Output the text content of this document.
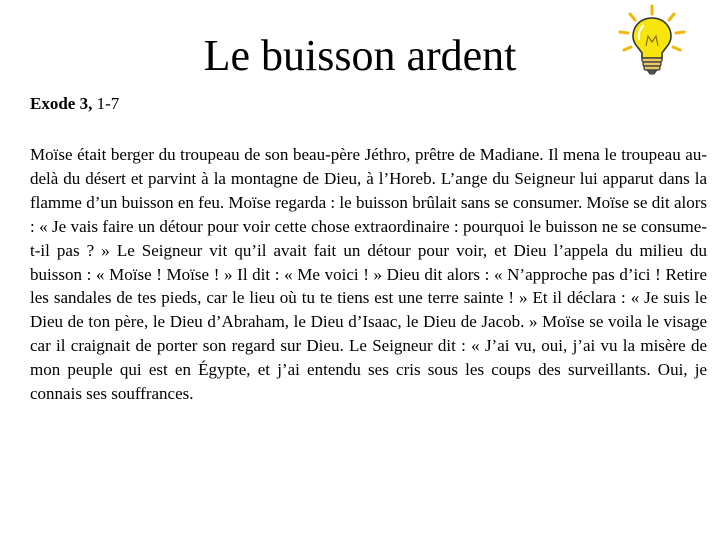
Le buisson ardent

Exode 3, 1-7

Moïse était berger du troupeau de son beau-père Jéthro, prêtre de Madiane. Il mena le troupeau au-delà du désert et parvint à la montagne de Dieu, à l’Horeb. L’ange du Seigneur lui apparut dans la flamme d’un buisson en feu. Moïse regarda : le buisson brûlait sans se consumer. Moïse se dit alors : « Je vais faire un détour pour voir cette chose extraordinaire : pourquoi le buisson ne se consume-t-il pas ? » Le Seigneur vit qu’il avait fait un détour pour voir, et Dieu l’appela du milieu du buisson : « Moïse ! Moïse ! » Il dit : « Me voici ! » Dieu dit alors : « N’approche pas d’ici ! Retire les sandales de tes pieds, car le lieu où tu te tiens est une terre sainte ! » Et il déclara : « Je suis le Dieu de ton père, le Dieu d’Abraham, le Dieu d’Isaac, le Dieu de Jacob. » Moïse se voila le visage car il craignait de porter son regard sur Dieu. Le Seigneur dit : « J’ai vu, oui, j’ai vu la misère de mon peuple qui est en Égypte, et j’ai entendu ses cris sous les coups des surveillants. Oui, je connais ses souffrances.
